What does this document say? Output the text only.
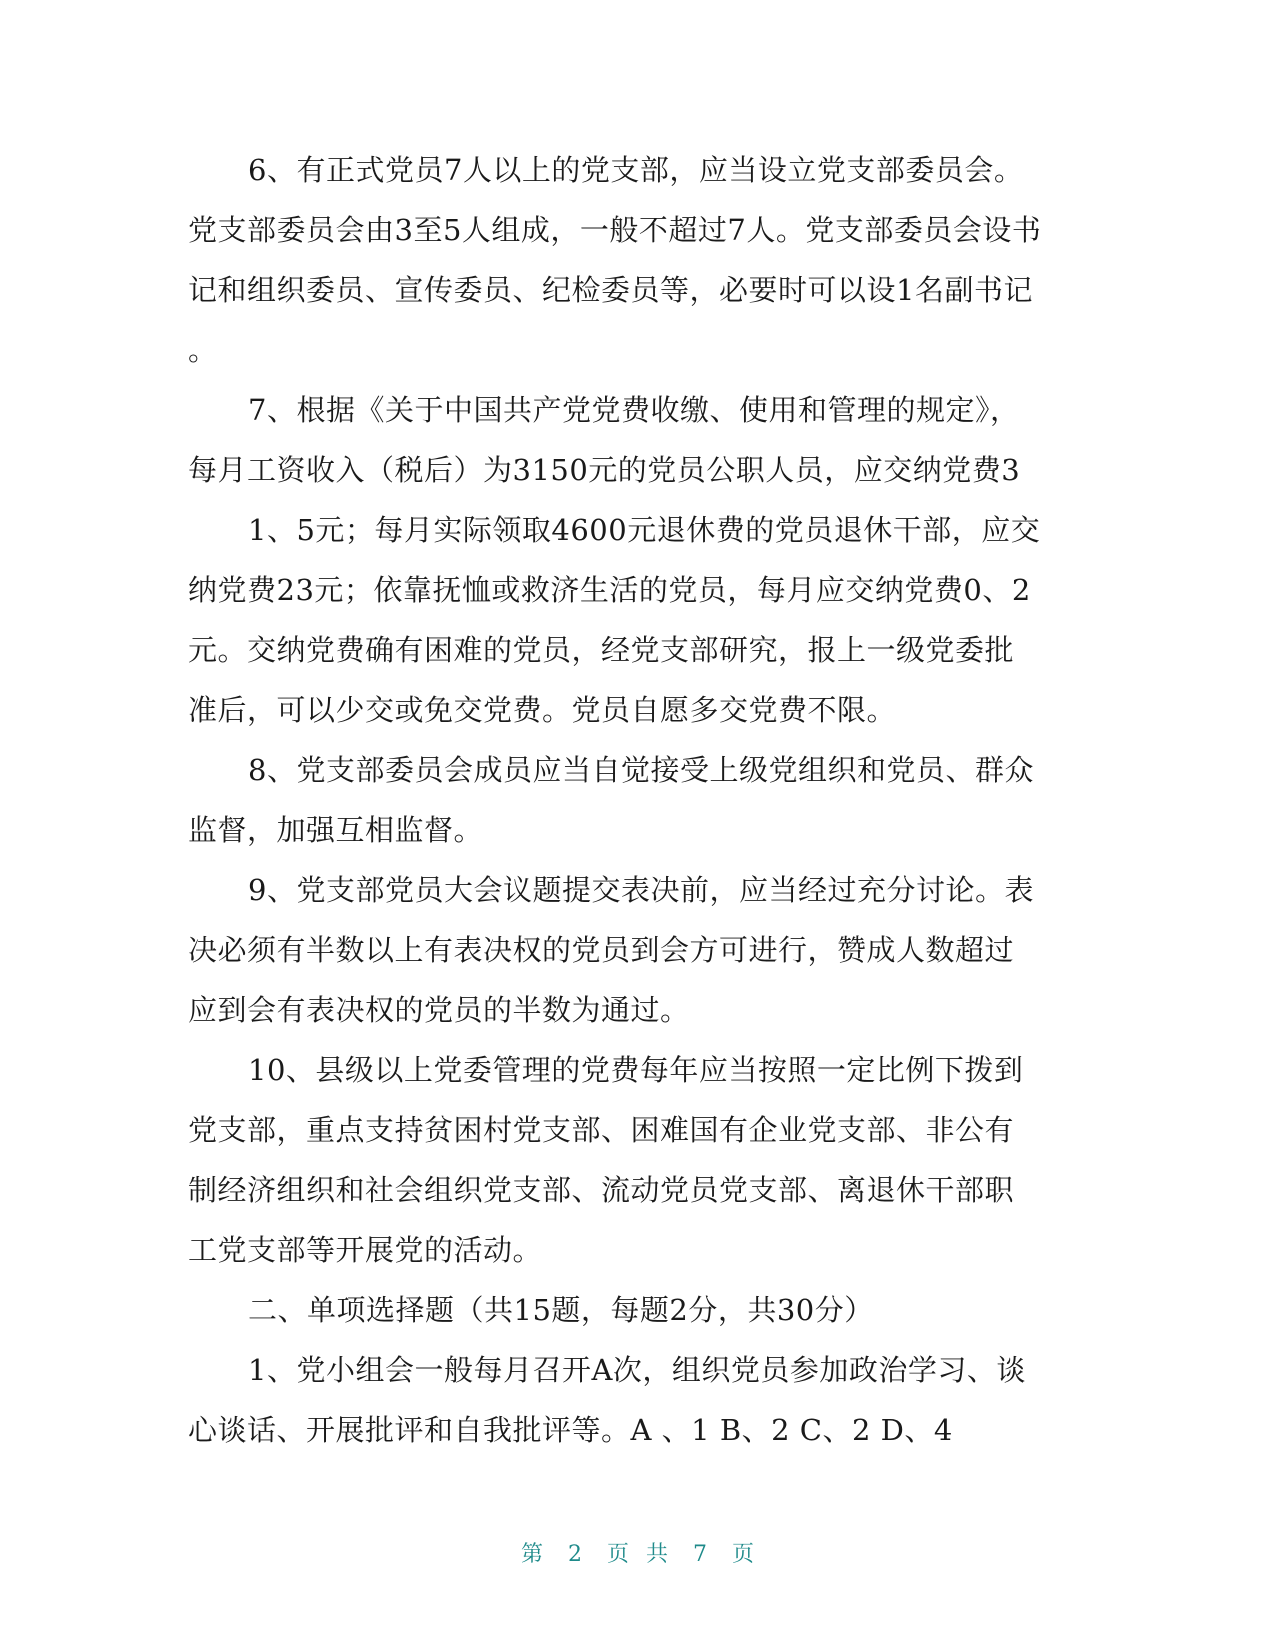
6、有正式党员7人以上的党支部，应当设立党支部委员会。
党支部委员会由3至5人组成，一般不超过7人。党支部委员会设书
记和组织委员、宣传委员、纪检委员等，必要时可以设1名副书记
。
7、根据《关于中国共产党党费收缴、使用和管理的规定》，
每月工资收入（税后）为3150元的党员公职人员，应交纳党费3
1、5元；每月实际领取4600元退休费的党员退休干部，应交
纳党费23元；依靠抚恤或救济生活的党员，每月应交纳党费0、2
元。交纳党费确有困难的党员，经党支部研究，报上一级党委批
准后，可以少交或免交党费。党员自愿多交党费不限。
8、党支部委员会成员应当自觉接受上级党组织和党员、群众
监督，加强互相监督。
9、党支部党员大会议题提交表决前，应当经过充分讨论。表
决必须有半数以上有表决权的党员到会方可进行，赞成人数超过
应到会有表决权的党员的半数为通过。
10、县级以上党委管理的党费每年应当按照一定比例下拨到
党支部，重点支持贫困村党支部、困难国有企业党支部、非公有
制经济组织和社会组织党支部、流动党员党支部、离退休干部职
工党支部等开展党的活动。
二、单项选择题（共15题，每题2分，共30分）
1、党小组会一般每月召开A次，组织党员参加政治学习、谈
心谈话、开展批评和自我批评等。A 、1 B、2 C、2 D、4
第 2 页 共 7 页
